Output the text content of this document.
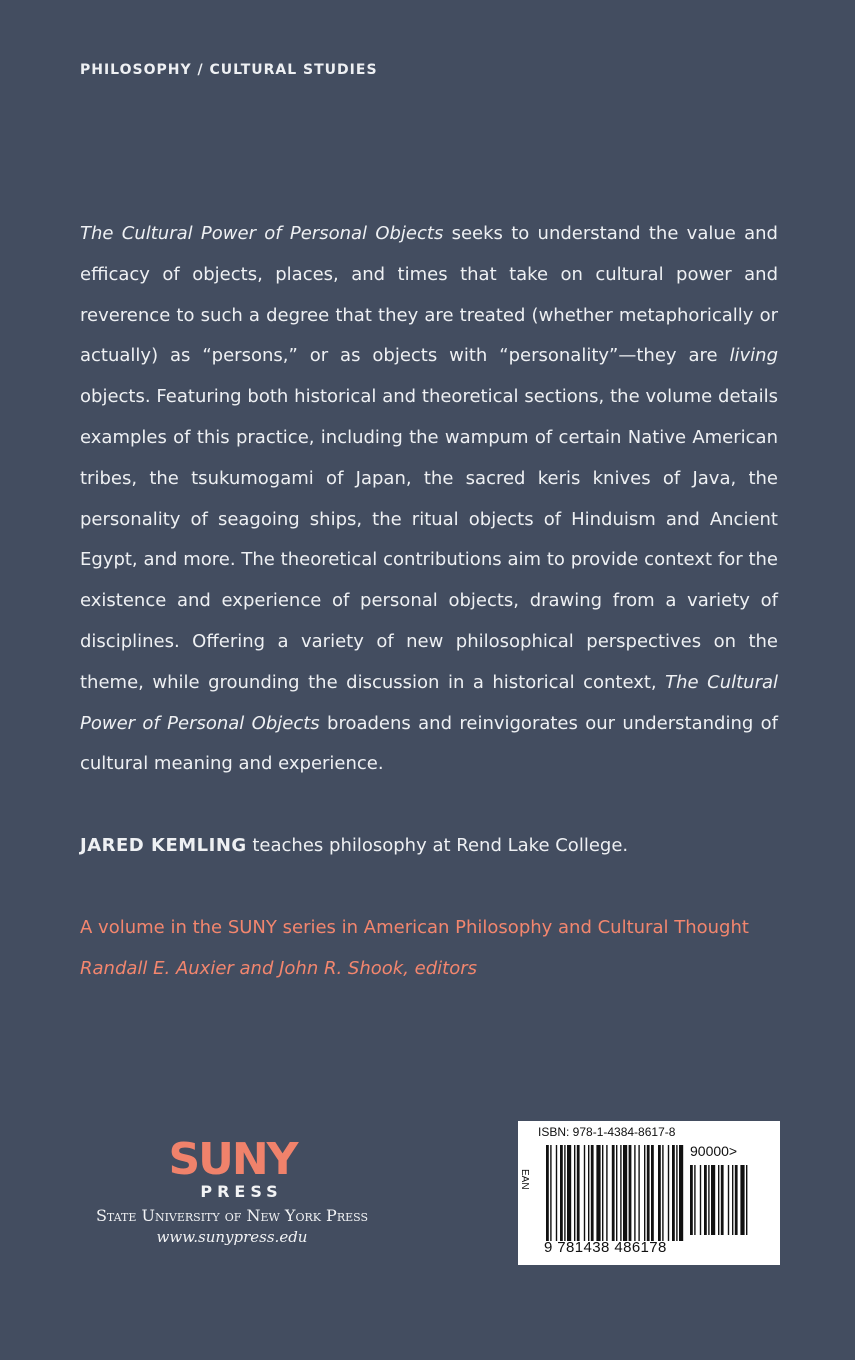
PHILOSOPHY / CULTURAL STUDIES

The Cultural Power of Personal Objects seeks to understand the value and efficacy of objects, places, and times that take on cultural power and reverence to such a degree that they are treated (whether metaphorically or actually) as “persons,” or as objects with “personality”—they are living objects. Featuring both historical and theoretical sections, the volume details examples of this practice, including the wampum of certain Native American tribes, the tsukumogami of Japan, the sacred keris knives of Java, the personality of seagoing ships, the ritual objects of Hinduism and Ancient Egypt, and more. The theoretical contributions aim to provide context for the existence and experience of personal objects, drawing from a variety of disciplines. Offering a variety of new philosophical perspectives on the theme, while grounding the discussion in a historical context, The Cultural Power of Personal Objects broadens and reinvigorates our understanding of cultural meaning and experience.

JARED KEMLING teaches philosophy at Rend Lake College.

A volume in the SUNY series in American Philosophy and Cultural Thought
Randall E. Auxier and John R. Shook, editors
SUNY
PRESS
State University of New York Press
www.sunypress.edu
ISBN: 978-1-4384-8617-8
EAN
90000>
9 781438 486178
